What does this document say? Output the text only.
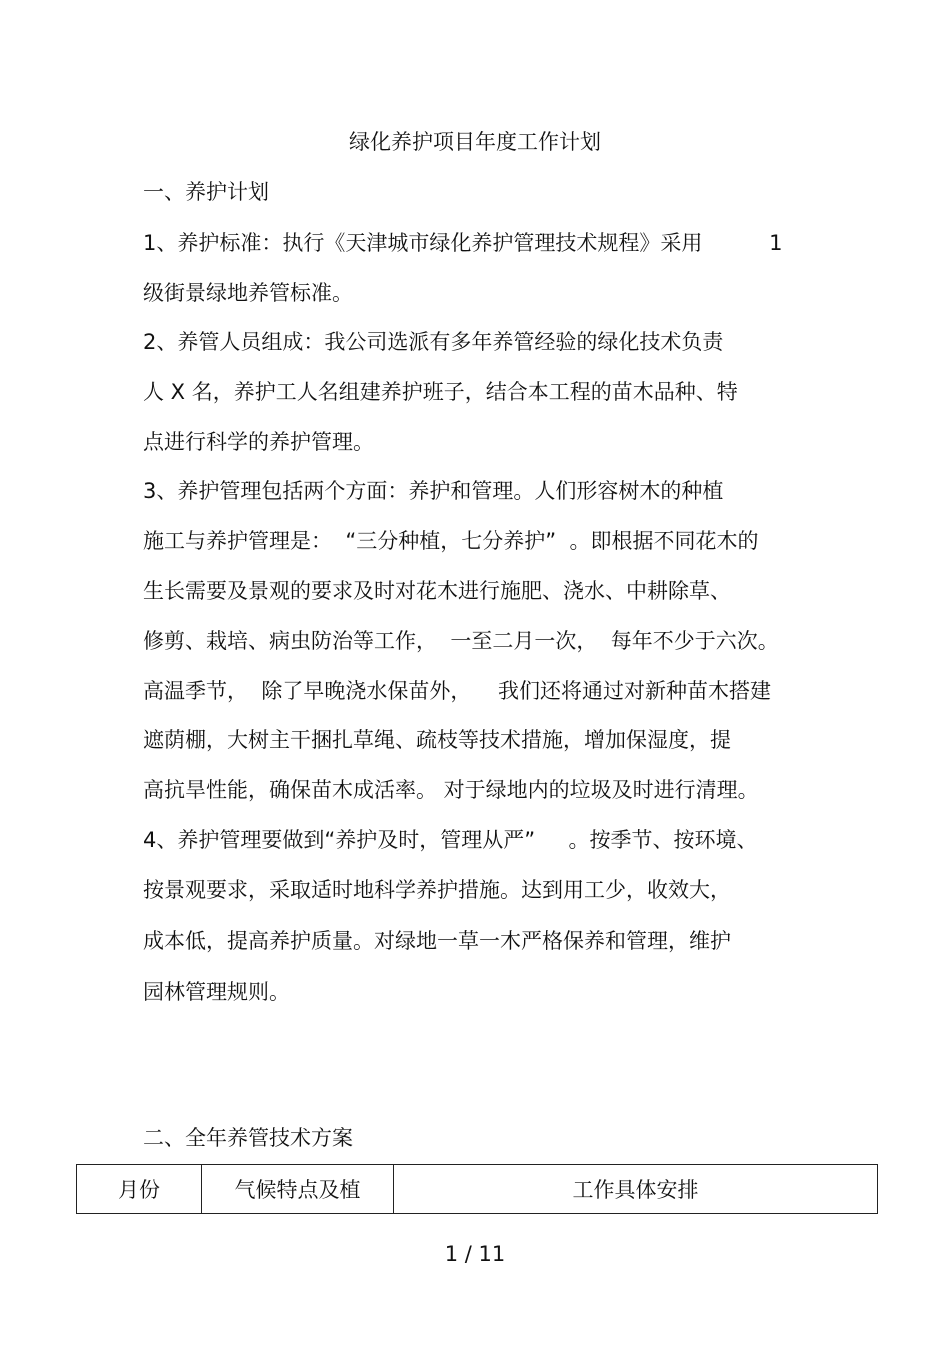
绿化养护项目年度工作计划
一、养护计划
1、养护标准：执行《天津城市绿化养护管理技术规程》采用          1
级街景绿地养管标准。
2、养管人员组成：我公司选派有多年养管经验的绿化技术负责
人 X 名，养护工人名组建养护班子，结合本工程的苗木品种、特
点进行科学的养护管理。
3、养护管理包括两个方面：养护和管理。人们形容树木的种植
施工与养护管理是：  “三分种植，七分养护”  。即根据不同花木的
生长需要及景观的要求及时对花木进行施肥、浇水、中耕除草、
修剪、栽培、病虫防治等工作，  一至二月一次，  每年不少于六次。
高温季节，  除了早晚浇水保苗外，    我们还将通过对新种苗木搭建
遮荫棚，大树主干捆扎草绳、疏枝等技术措施，增加保湿度，提
高抗旱性能，确保苗木成活率。 对于绿地内的垃圾及时进行清理。
4、养护管理要做到“养护及时，管理从严”     。按季节、按环境、
按景观要求，采取适时地科学养护措施。达到用工少，收效大，
成本低，提高养护质量。对绿地一草一木严格保养和管理，维护
园林管理规则。
二、全年养管技术方案
月份	气候特点及植	工作具体安排
1 / 11
